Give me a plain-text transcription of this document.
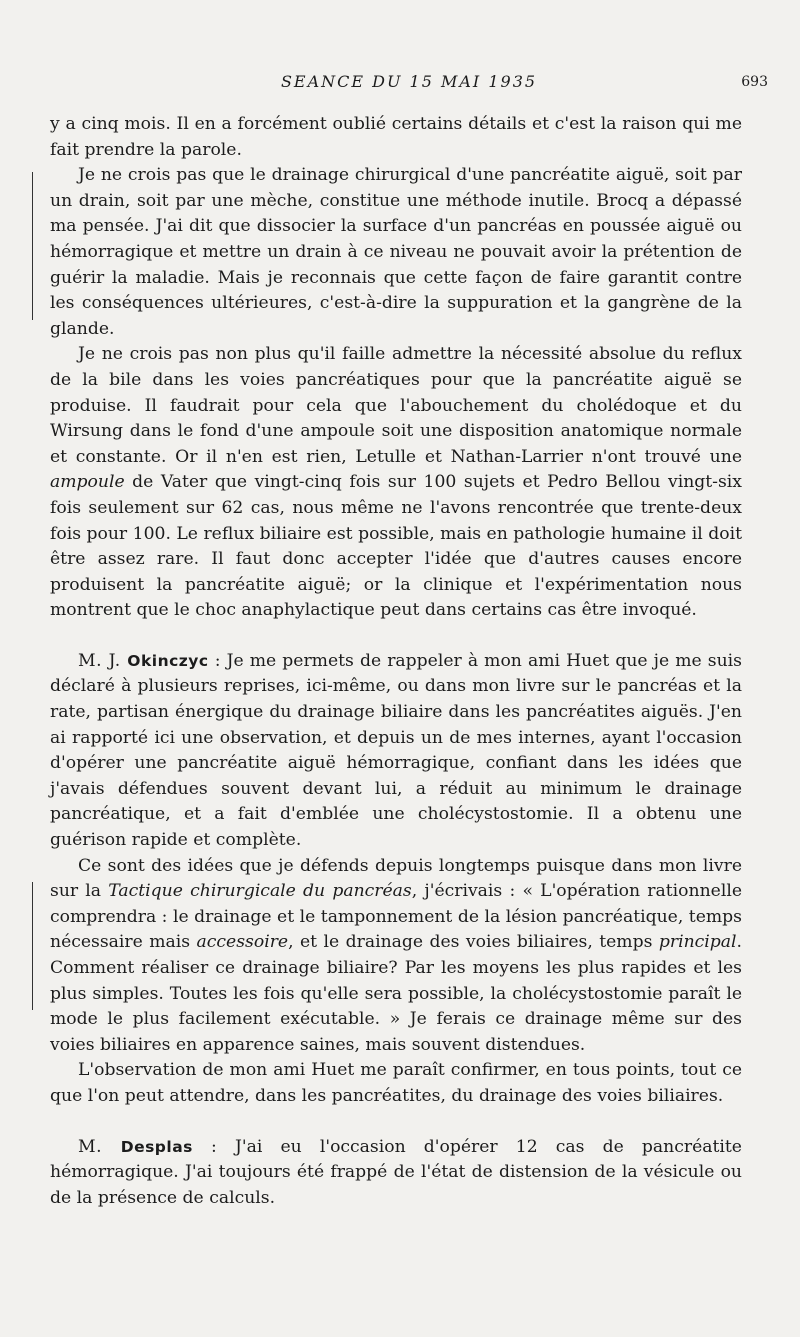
SEANCE DU 15 MAI 1935	693

y a cinq mois. Il en a forcément oublié certains détails et c'est la raison qui me fait prendre la parole.

Je ne crois pas que le drainage chirurgical d'une pancréatite aiguë, soit par un drain, soit par une mèche, constitue une méthode inutile. Brocq a dépassé ma pensée. J'ai dit que dissocier la surface d'un pancréas en poussée aiguë ou hémorragique et mettre un drain à ce niveau ne pouvait avoir la prétention de guérir la maladie. Mais je reconnais que cette façon de faire garantit contre les conséquences ultérieures, c'est-à-dire la suppuration et la gangrène de la glande.

Je ne crois pas non plus qu'il faille admettre la nécessité absolue du reflux de la bile dans les voies pancréatiques pour que la pancréatite aiguë se produise. Il faudrait pour cela que l'abouchement du cholédoque et du Wirsung dans le fond d'une ampoule soit une disposition anatomique normale et constante. Or il n'en est rien, Letulle et Nathan-Larrier n'ont trouvé une ampoule de Vater que vingt-cinq fois sur 100 sujets et Pedro Bellou vingt-six fois seulement sur 62 cas, nous même ne l'avons rencontrée que trente-deux fois pour 100. Le reflux biliaire est possible, mais en pathologie humaine il doit être assez rare. Il faut donc accepter l'idée que d'autres causes encore produisent la pancréatite aiguë; or la clinique et l'expérimentation nous montrent que le choc anaphylactique peut dans certains cas être invoqué.

M. J. Okinczyc : Je me permets de rappeler à mon ami Huet que je me suis déclaré à plusieurs reprises, ici-même, ou dans mon livre sur le pancréas et la rate, partisan énergique du drainage biliaire dans les pancréatites aiguës. J'en ai rapporté ici une observation, et depuis un de mes internes, ayant l'occasion d'opérer une pancréatite aiguë hémorragique, confiant dans les idées que j'avais défendues souvent devant lui, a réduit au minimum le drainage pancréatique, et a fait d'emblée une cholécystostomie. Il a obtenu une guérison rapide et complète.

Ce sont des idées que je défends depuis longtemps puisque dans mon livre sur la Tactique chirurgicale du pancréas, j'écrivais : « L'opération rationnelle comprendra : le drainage et le tamponnement de la lésion pancréatique, temps nécessaire mais accessoire, et le drainage des voies biliaires, temps principal. Comment réaliser ce drainage biliaire? Par les moyens les plus rapides et les plus simples. Toutes les fois qu'elle sera possible, la cholécystostomie paraît le mode le plus facilement exécutable. » Je ferais ce drainage même sur des voies biliaires en apparence saines, mais souvent distendues.

L'observation de mon ami Huet me paraît confirmer, en tous points, tout ce que l'on peut attendre, dans les pancréatites, du drainage des voies biliaires.

M. Desplas : J'ai eu l'occasion d'opérer 12 cas de pancréatite hémorragique. J'ai toujours été frappé de l'état de distension de la vésicule ou de la présence de calculs.
